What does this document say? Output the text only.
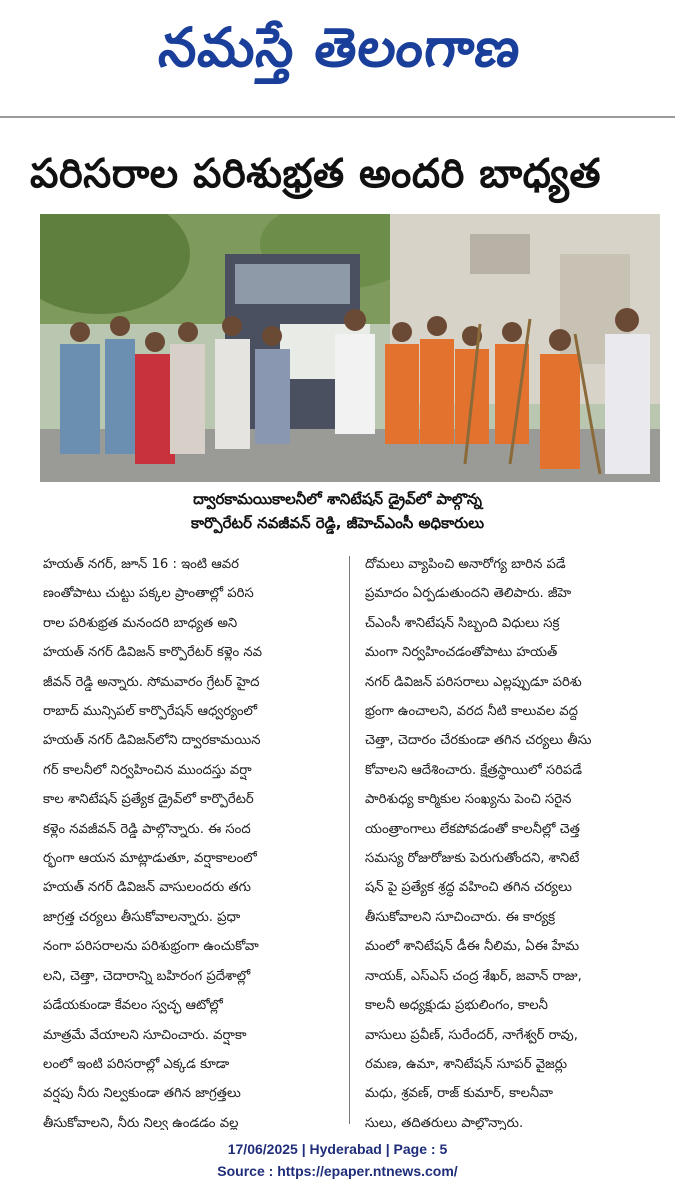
నమస్తే తెలంగాణ
పరిసరాల పరిశుభ్రత అందరి బాధ్యత
ద్వారకామయికాలనీలో శానిటేషన్‌ డ్రైవ్‌లో పాల్గొన్న
కార్పొరేటర్‌ నవజీవన్‌ రెడ్డి, జీహెచ్‌ఎంసీ అధికారులు

హయత్‌ నగర్‌, జూన్‌ 16 : ఇంటి ఆవర

ణంతోపాటు చుట్టు పక్కల ప్రాంతాల్లో పరిస

రాల పరిశుభ్రత మనందరి బాధ్యత అని

హయత్‌ నగర్‌ డివిజన్‌ కార్పొరేటర్‌ కళ్లెం నవ

జీవన్‌ రెడ్డి అన్నారు. సోమవారం గ్రేటర్‌ హైద

రాబాద్‌ మున్సిపల్‌ కార్పొరేషన్‌ ఆధ్వర్యంలో

హయత్‌ నగర్‌ డివిజన్‌లోని ద్వారకామయిన

గర్‌ కాలనీలో నిర్వహించిన ముందస్తు వర్షా

కాల శానిటేషన్‌ ప్రత్యేక డ్రైవ్‌లో కార్పొరేటర్‌

కళ్లెం నవజీవన్‌ రెడ్డి పాల్గొన్నారు. ఈ సంద

ర్భంగా ఆయన మాట్లాడుతూ, వర్షాకాలంలో

హయత్‌ నగర్‌ డివిజన్‌ వాసులందరు తగు

జాగ్రత్త చర్యలు తీసుకోవాలన్నారు. ప్రధా

నంగా పరిసరాలను పరిశుభ్రంగా ఉంచుకోవా

లని, చెత్తా, చెదారాన్ని బహిరంగ ప్రదేశాల్లో

పడేయకుండా కేవలం స్వచ్ఛ ఆటోల్లో

మాత్రమే వేయాలని సూచించారు. వర్షాకా

లంలో ఇంటి పరిసరాల్లో ఎక్కడ కూడా

వర్షపు నీరు నిల్వకుండా తగిన జాగ్రత్తలు

తీసుకోవాలని, నీరు నిల్వ ఉండడం వల్ల

దోమలు వ్యాపించి అనారోగ్య బారిన పడే

ప్రమాదం ఏర్పడుతుందని తెలిపారు. జీహె

చ్‌ఎంసీ శానిటేషన్‌ సిబ్బంది విధులు సక్ర

మంగా నిర్వహించడంతోపాటు హయత్‌

నగర్‌ డివిజన్‌ పరిసరాలు ఎల్లప్పుడూ పరిశు

భ్రంగా ఉంచాలని, వరద నీటి కాలువల వద్ద

చెత్తా, చెదారం చేరకుండా తగిన చర్యలు తీసు

కోవాలని ఆదేశించారు. క్షేత్రస్థాయిలో సరిపడే

పారిశుధ్య కార్మికుల సంఖ్యను పెంచి సరైన

యంత్రాంగాలు లేకపోవడంతో కాలనీల్లో చెత్త

సమస్య రోజురోజుకు పెరుగుతోందని, శానిటే

షన్‌ పై ప్రత్యేక శ్రద్ధ వహించి తగిన చర్యలు

తీసుకోవాలని సూచించారు. ఈ కార్యక్ర

మంలో శానిటేషన్‌ డీఈ నీలిమ, ఏఈ హేమ

నాయక్‌, ఎస్‌ఎస్‌ చంద్ర శేఖర్‌, జవాన్‌ రాజు,

కాలనీ అధ్యక్షుడు ప్రభులింగం, కాలనీ

వాసులు ప్రవీణ్‌, సురేందర్‌, నాగేశ్వర్‌ రావు,

రమణ, ఉమా, శానిటేషన్‌ సూపర్‌ వైజర్లు

మధు, శ్రవణ్‌, రాజ్‌ కుమార్‌, కాలనీవా

సులు, తదితరులు పాల్గొన్నారు.

17/06/2025 | Hyderabad | Page : 5
Source : https://epaper.ntnews.com/
